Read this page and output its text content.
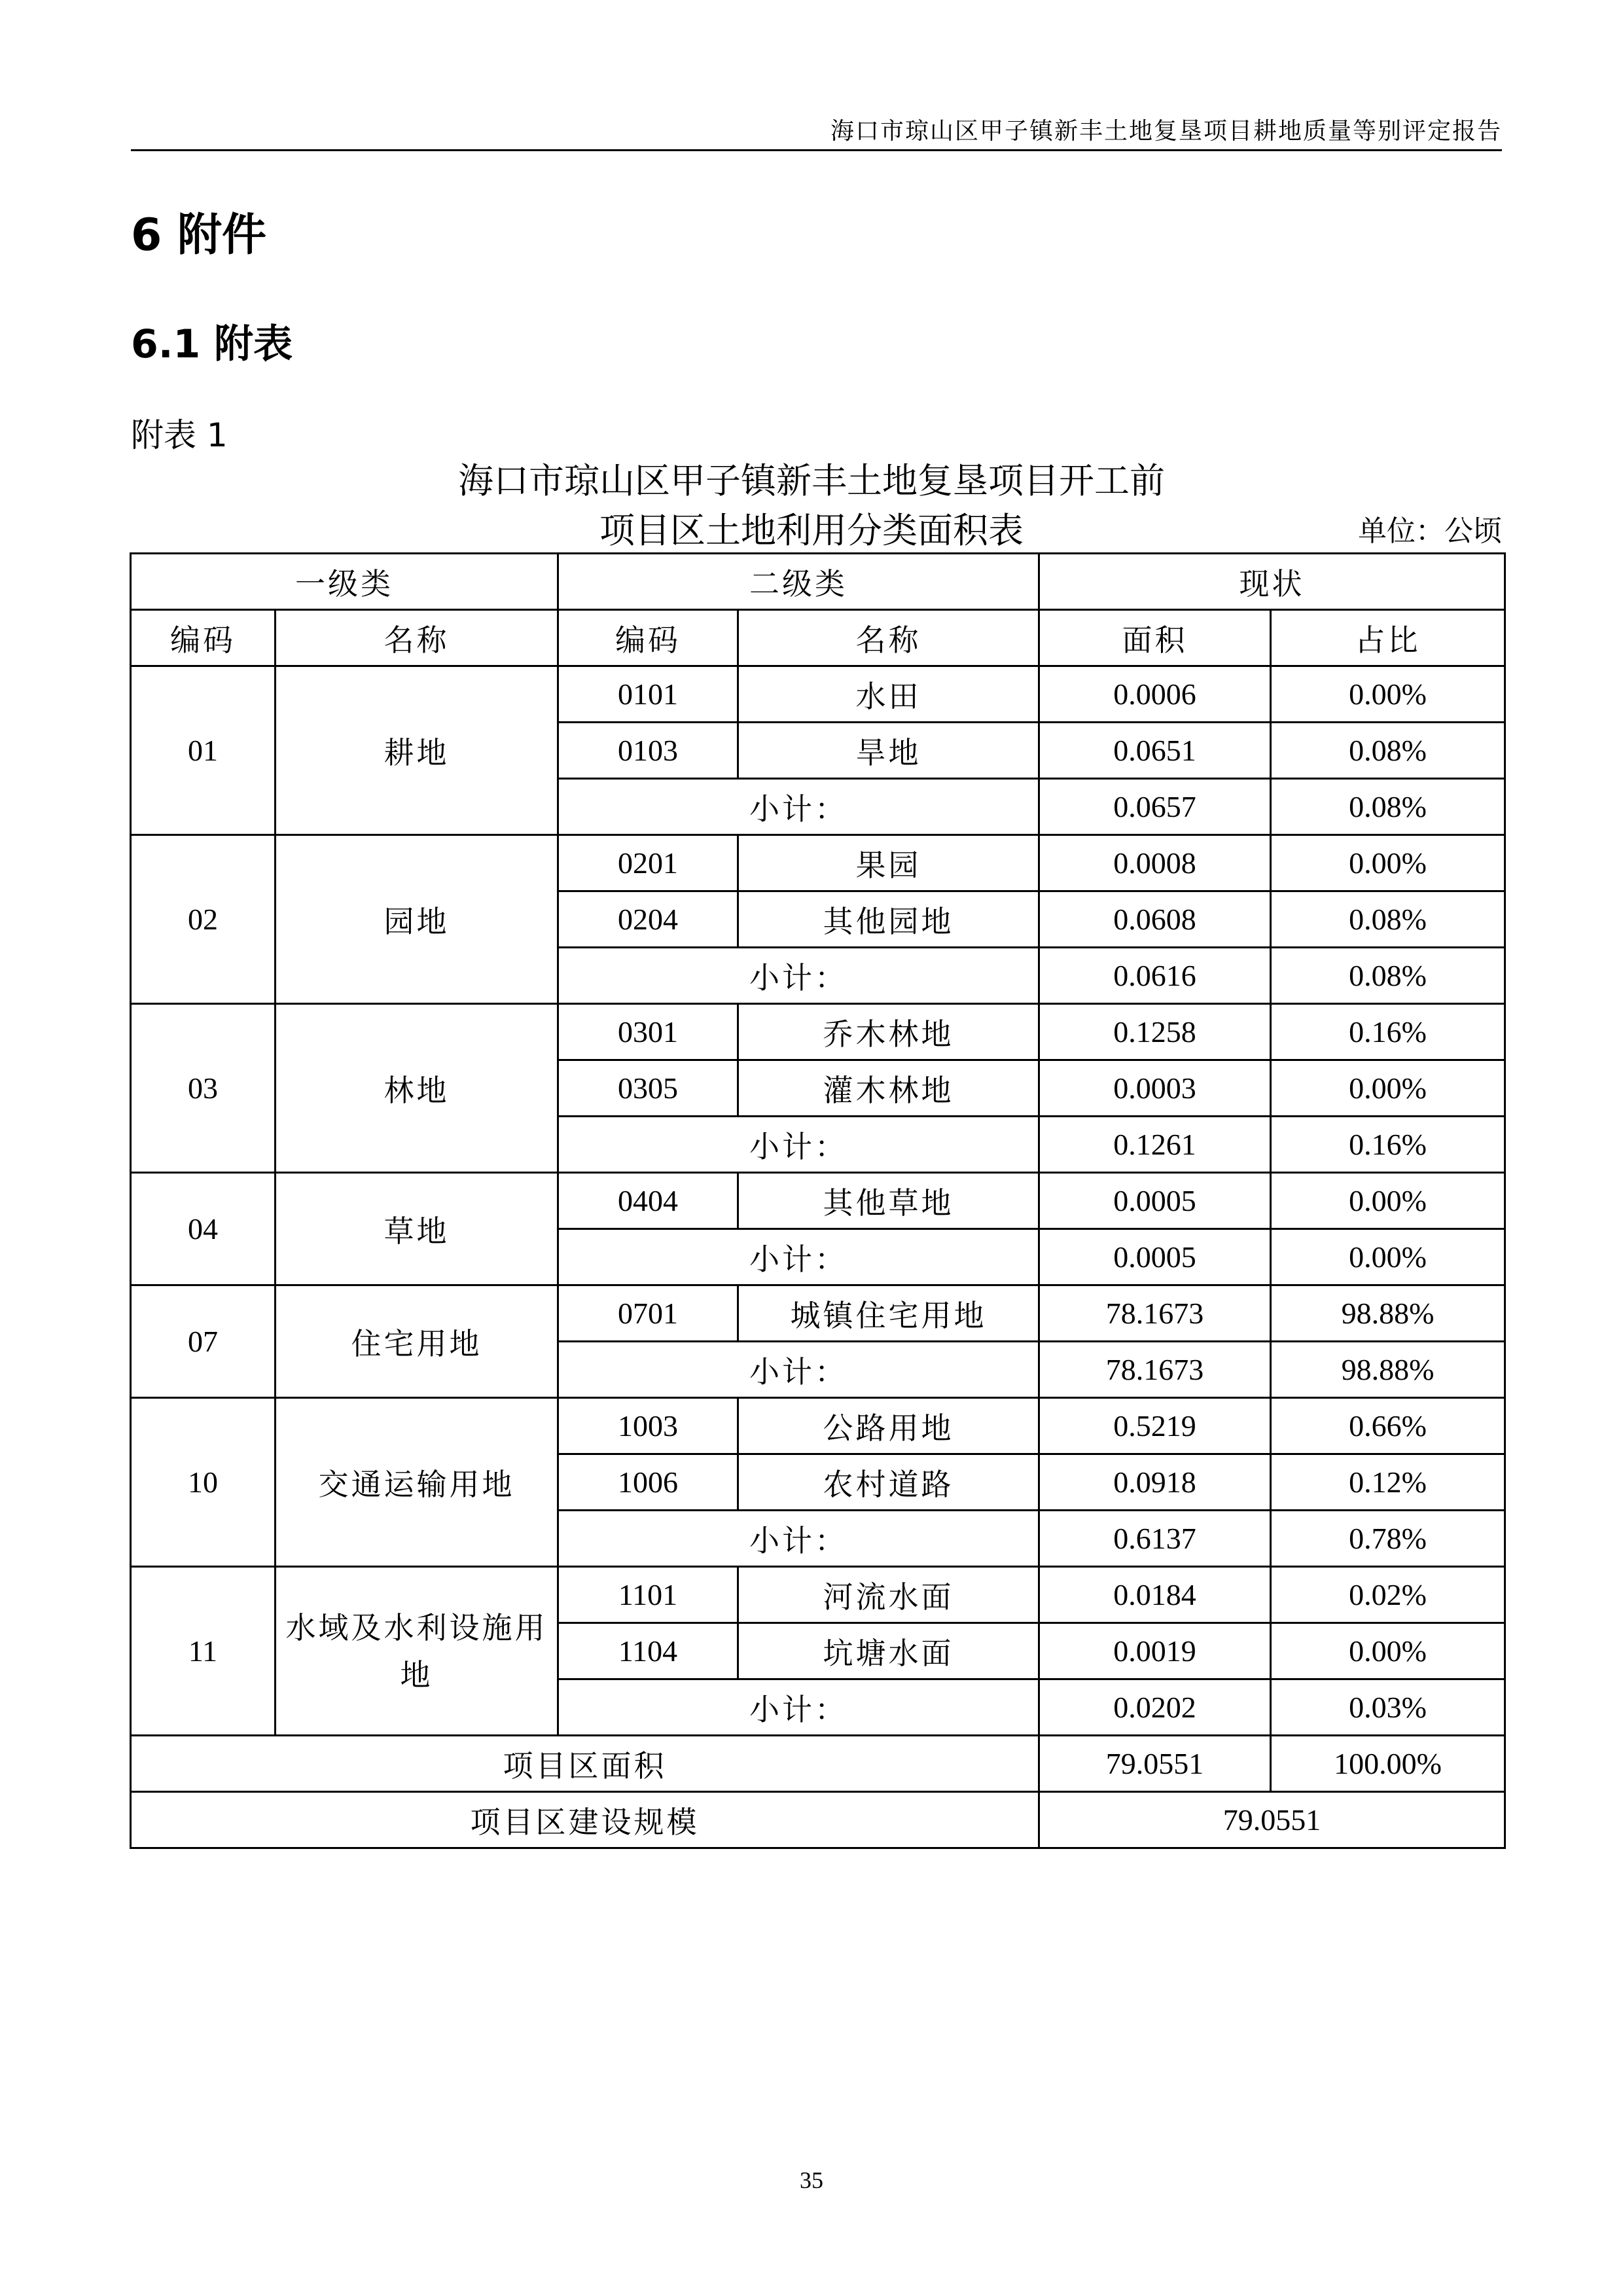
海口市琼山区甲子镇新丰土地复垦项目耕地质量等别评定报告
6 附件
6.1 附表
附表 1
海口市琼山区甲子镇新丰土地复垦项目开工前
项目区土地利用分类面积表	单位：公顷
一级类		二级类		现状	
编码	名称	编码	名称	面积	占比
01	耕地	0101	水田	0.0006	0.00%
		0103	旱地	0.0651	0.08%
		小计：		0.0657	0.08%
02	园地	0201	果园	0.0008	0.00%
		0204	其他园地	0.0608	0.08%
		小计：		0.0616	0.08%
03	林地	0301	乔木林地	0.1258	0.16%
		0305	灌木林地	0.0003	0.00%
		小计：		0.1261	0.16%
04	草地	0404	其他草地	0.0005	0.00%
		小计：		0.0005	0.00%
07	住宅用地	0701	城镇住宅用地	78.1673	98.88%
		小计：		78.1673	98.88%
10	交通运输用地	1003	公路用地	0.5219	0.66%
		1006	农村道路	0.0918	0.12%
		小计：		0.6137	0.78%
11	水域及水利设施用地	1101	河流水面	0.0184	0.02%
		1104	坑塘水面	0.0019	0.00%
		小计：		0.0202	0.03%
项目区面积				79.0551	100.00%
项目区建设规模				79.0551	
35
